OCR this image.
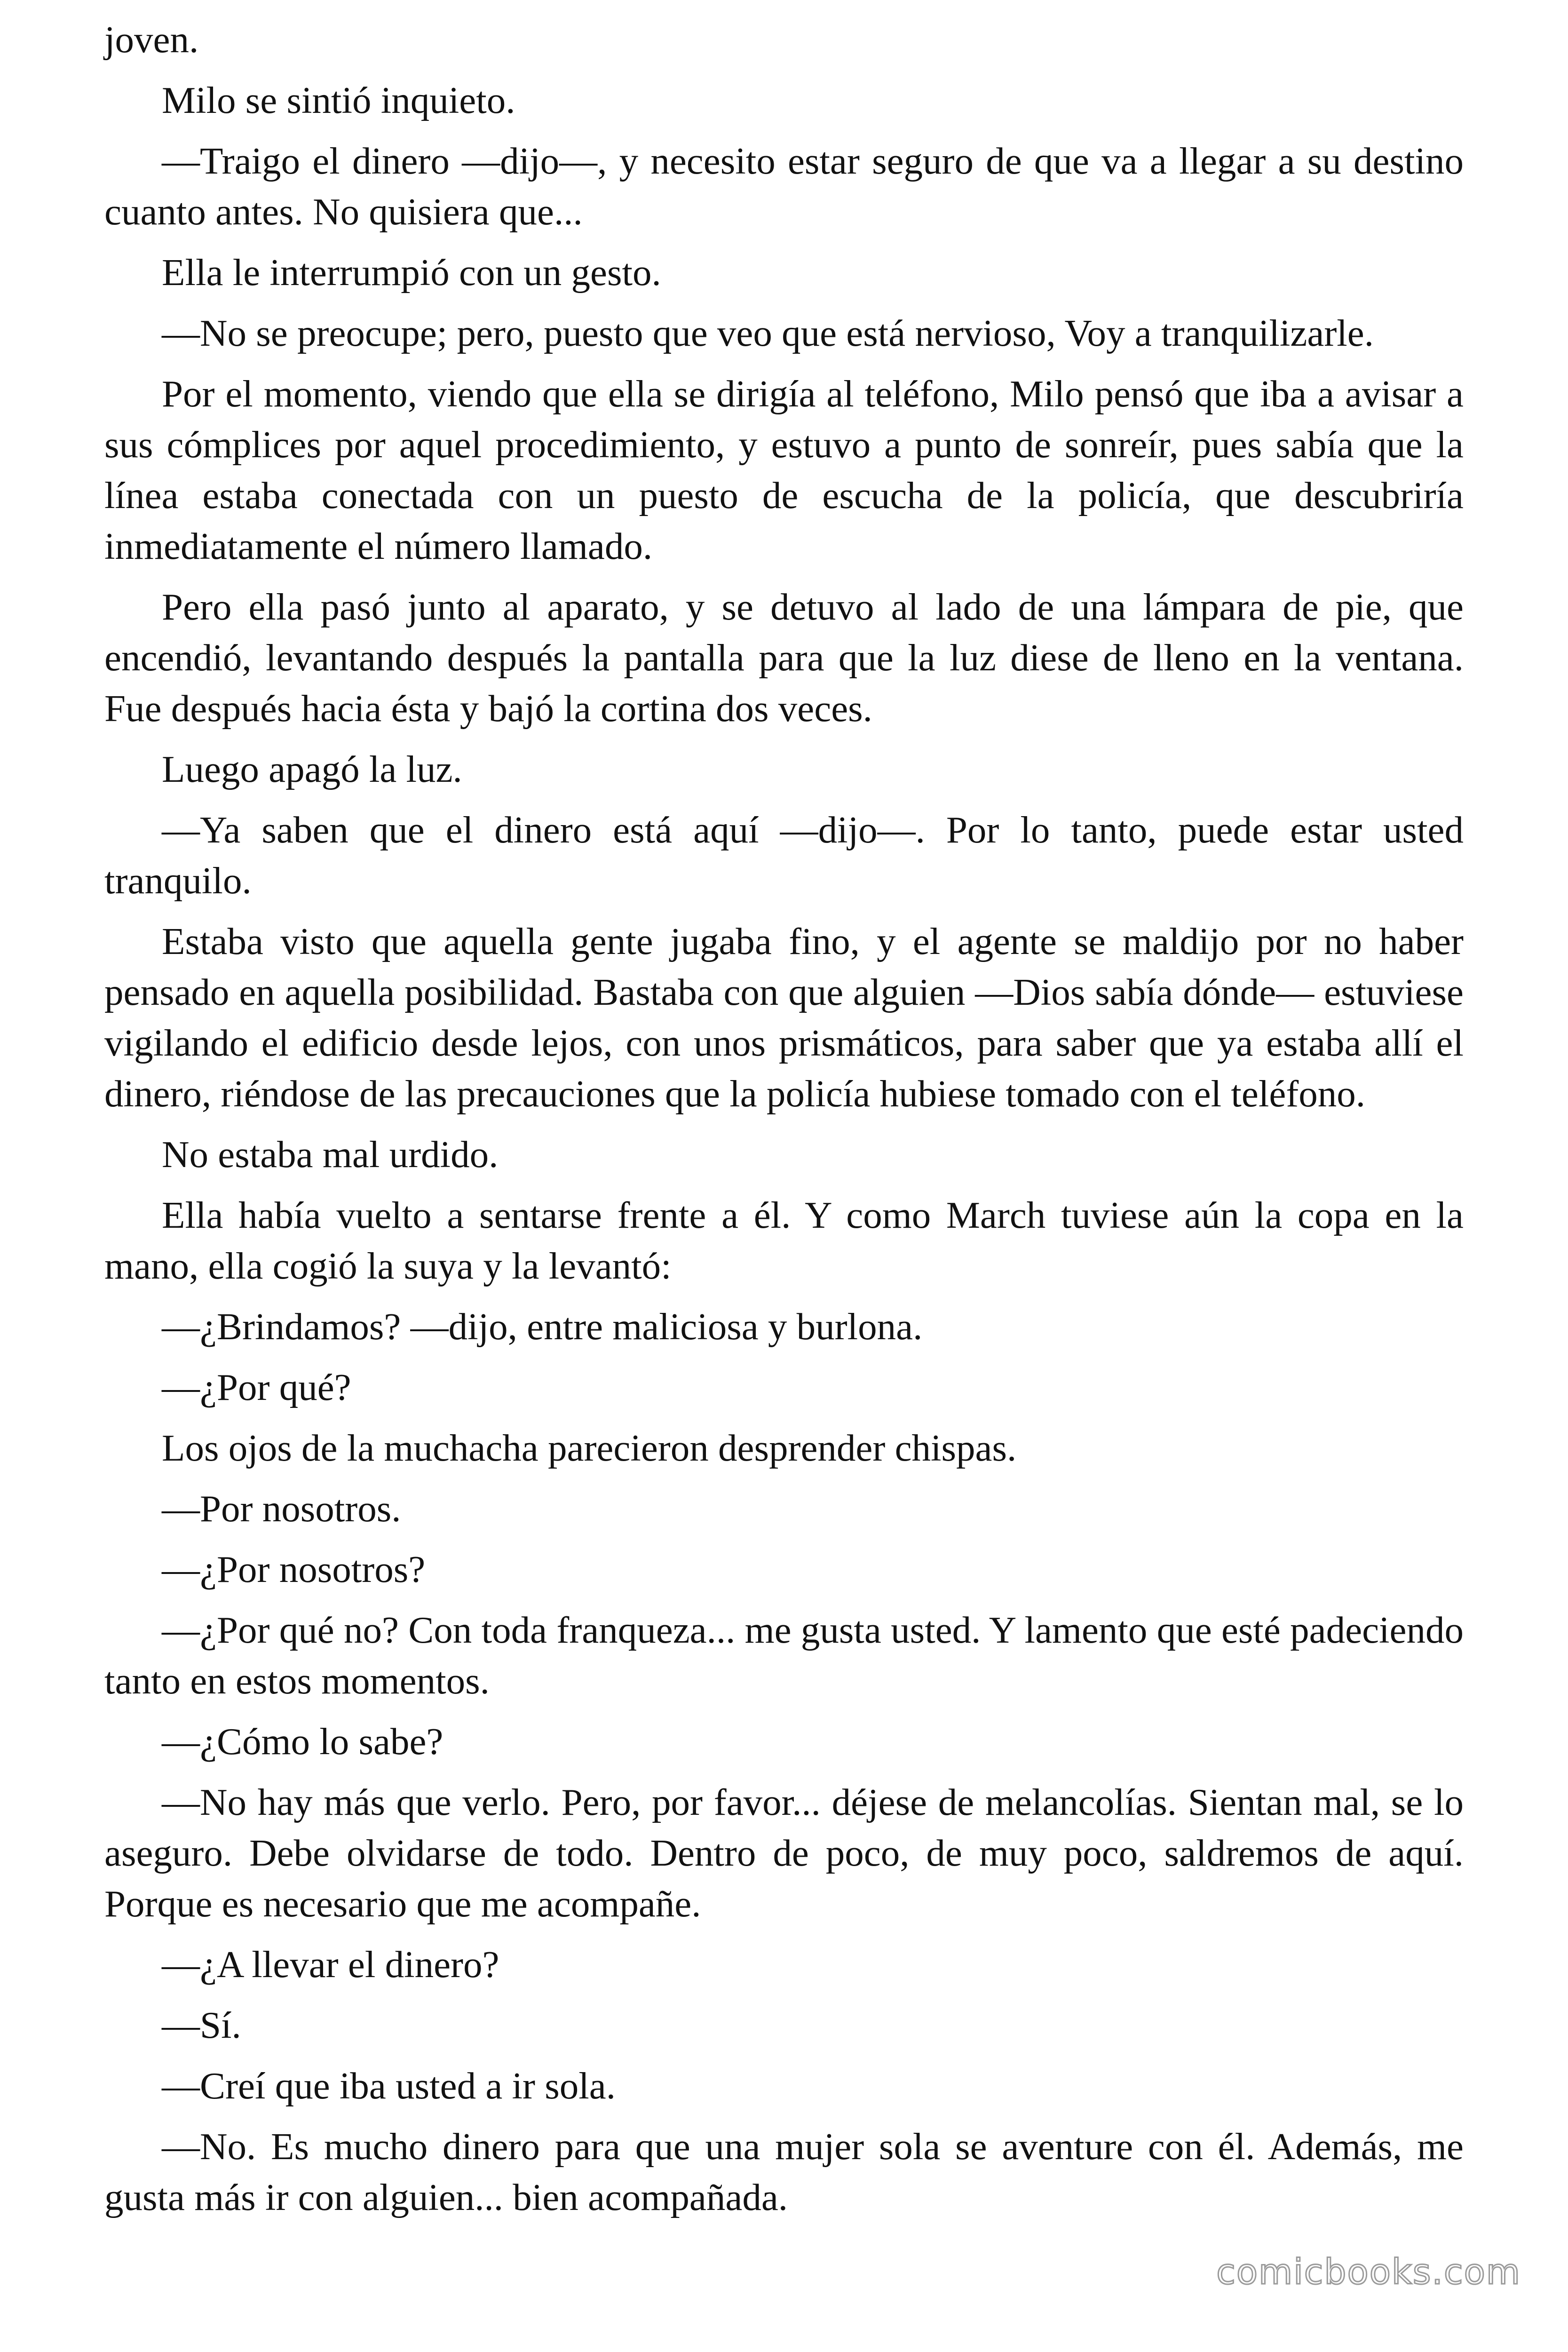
joven.

Milo se sintió inquieto.

—Traigo el dinero —dijo—, y necesito estar seguro de que va a llegar a su destino cuanto antes. No quisiera que...

Ella le interrumpió con un gesto.

—No se preocupe; pero, puesto que veo que está nervioso, Voy a tranquilizarle.

Por el momento, viendo que ella se dirigía al teléfono, Milo pensó que iba a avisar a sus cómplices por aquel procedimiento, y estuvo a punto de sonreír, pues sabía que la línea estaba conectada con un puesto de escucha de la policía, que descubriría inmediatamente el número llamado.

Pero ella pasó junto al aparato, y se detuvo al lado de una lámpara de pie, que encendió, levantando después la pantalla para que la luz diese de lleno en la ventana. Fue después hacia ésta y bajó la cortina dos veces.

Luego apagó la luz.

—Ya saben que el dinero está aquí —dijo—. Por lo tanto, puede estar usted tranquilo.

Estaba visto que aquella gente jugaba fino, y el agente se maldijo por no haber pensado en aquella posibilidad. Bastaba con que alguien —Dios sabía dónde— estuviese vigilando el edificio desde lejos, con unos prismáticos, para saber que ya estaba allí el dinero, riéndose de las precauciones que la policía hubiese tomado con el teléfono.

No estaba mal urdido.

Ella había vuelto a sentarse frente a él. Y como March tuviese aún la copa en la mano, ella cogió la suya y la levantó:

—¿Brindamos? —dijo, entre maliciosa y burlona.

—¿Por qué?

Los ojos de la muchacha parecieron desprender chispas.

—Por nosotros.

—¿Por nosotros?

—¿Por qué no? Con toda franqueza... me gusta usted. Y lamento que esté padeciendo tanto en estos momentos.

—¿Cómo lo sabe?

—No hay más que verlo. Pero, por favor... déjese de melancolías. Sientan mal, se lo aseguro. Debe olvidarse de todo. Dentro de poco, de muy poco, saldremos de aquí. Porque es necesario que me acompañe.

—¿A llevar el dinero?

—Sí.

—Creí que iba usted a ir sola.

—No. Es mucho dinero para que una mujer sola se aventure con él. Además, me gusta más ir con alguien... bien acompañada.

comicbooks.com
